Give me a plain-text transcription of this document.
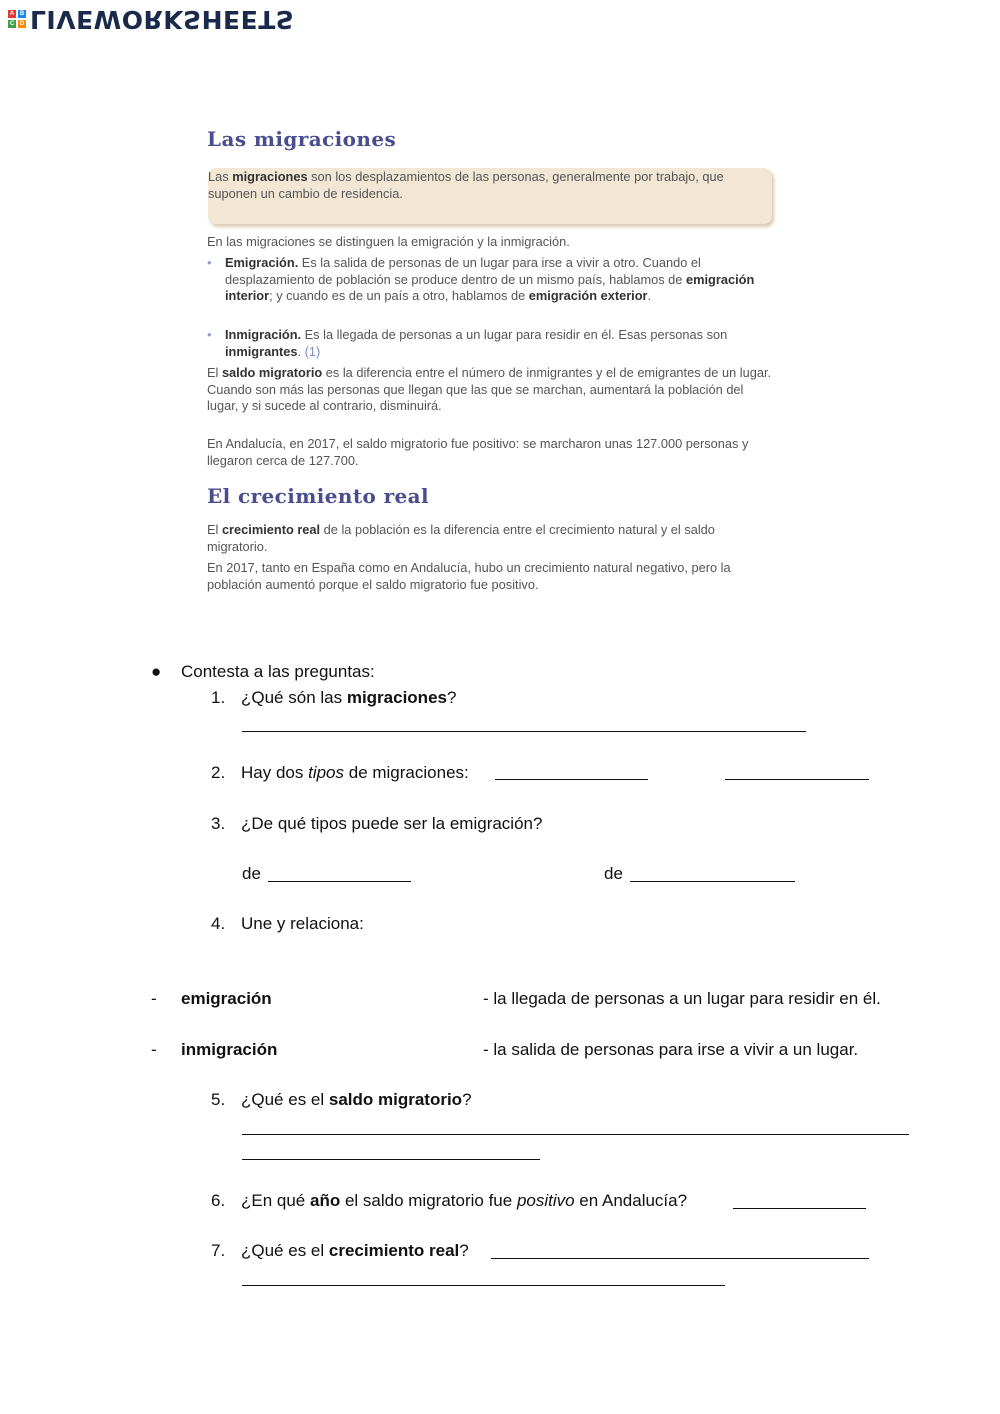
A B
C D LIVEWORKSHEETS
Las migraciones

Las migraciones son los desplazamientos de las personas, generalmente por trabajo, que suponen un cambio de residencia.

En las migraciones se distinguen la emigración y la inmigración.

•	Emigración. Es la salida de personas de un lugar para irse a vivir a otro. Cuando el desplazamiento de población se produce dentro de un mismo país, hablamos de emigración interior; y cuando es de un país a otro, hablamos de emigración exterior.

•	Inmigración. Es la llegada de personas a un lugar para residir en él. Esas personas son inmigrantes. (1)

El saldo migratorio es la diferencia entre el número de inmigrantes y el de emigrantes de un lugar. Cuando son más las personas que llegan que las que se marchan, aumentará la población del lugar, y si sucede al contrario, disminuirá.

En Andalucía, en 2017, el saldo migratorio fue positivo: se marcharon unas 127.000 personas y llegaron cerca de 127.700.

El crecimiento real

El crecimiento real de la población es la diferencia entre el crecimiento natural y el saldo migratorio.

En 2017, tanto en España como en Andalucía, hubo un crecimiento natural negativo, pero la población aumentó porque el saldo migratorio fue positivo.

● Contesta a las preguntas:
1. ¿Qué són las migraciones?
2. Hay dos tipos de migraciones:
3. ¿De qué tipos puede ser la emigración?
de	de
4. Une y relaciona:
- emigración	- la llegada de personas a un lugar para residir en él.
- inmigración	- la salida de personas para irse a vivir a un lugar.
5. ¿Qué es el saldo migratorio?
6. ¿En qué año el saldo migratorio fue positivo en Andalucía?
7. ¿Qué es el crecimiento real?
